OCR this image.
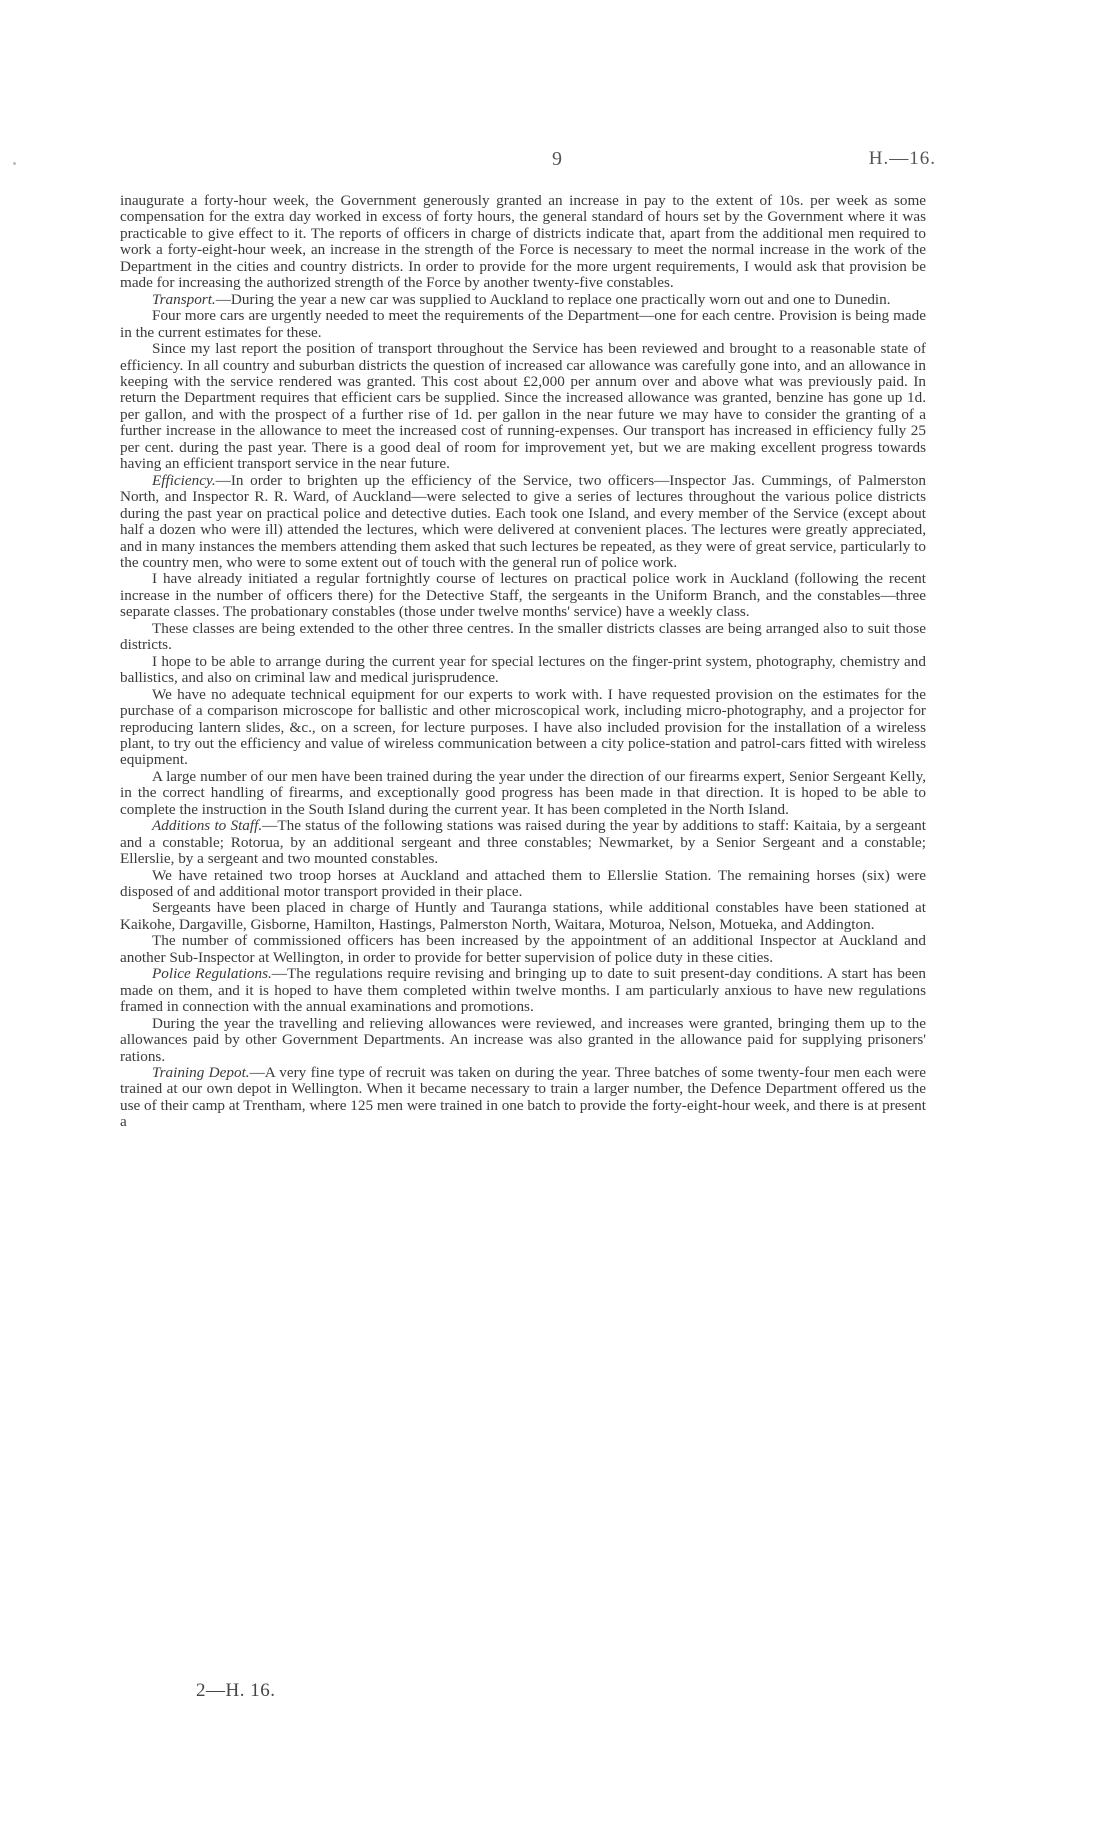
9	H.—16.

inaugurate a forty-hour week, the Government generously granted an increase in pay to the extent of 10s. per week as some compensation for the extra day worked in excess of forty hours, the general standard of hours set by the Government where it was practicable to give effect to it. The reports of officers in charge of districts indicate that, apart from the additional men required to work a forty-eight-hour week, an increase in the strength of the Force is necessary to meet the normal increase in the work of the Department in the cities and country districts. In order to provide for the more urgent requirements, I would ask that provision be made for increasing the authorized strength of the Force by another twenty-five constables.

Transport.—During the year a new car was supplied to Auckland to replace one practically worn out and one to Dunedin.

Four more cars are urgently needed to meet the requirements of the Department—one for each centre. Provision is being made in the current estimates for these.

Since my last report the position of transport throughout the Service has been reviewed and brought to a reasonable state of efficiency. In all country and suburban districts the question of increased car allowance was carefully gone into, and an allowance in keeping with the service rendered was granted. This cost about £2,000 per annum over and above what was previously paid. In return the Department requires that efficient cars be supplied. Since the increased allowance was granted, benzine has gone up 1d. per gallon, and with the prospect of a further rise of 1d. per gallon in the near future we may have to consider the granting of a further increase in the allowance to meet the increased cost of running-expenses. Our transport has increased in efficiency fully 25 per cent. during the past year. There is a good deal of room for improvement yet, but we are making excellent progress towards having an efficient transport service in the near future.

Efficiency.—In order to brighten up the efficiency of the Service, two officers—Inspector Jas. Cummings, of Palmerston North, and Inspector R. R. Ward, of Auckland—were selected to give a series of lectures throughout the various police districts during the past year on practical police and detective duties. Each took one Island, and every member of the Service (except about half a dozen who were ill) attended the lectures, which were delivered at convenient places. The lectures were greatly appreciated, and in many instances the members attending them asked that such lectures be repeated, as they were of great service, particularly to the country men, who were to some extent out of touch with the general run of police work.

I have already initiated a regular fortnightly course of lectures on practical police work in Auckland (following the recent increase in the number of officers there) for the Detective Staff, the sergeants in the Uniform Branch, and the constables—three separate classes. The probationary constables (those under twelve months' service) have a weekly class.

These classes are being extended to the other three centres. In the smaller districts classes are being arranged also to suit those districts.

I hope to be able to arrange during the current year for special lectures on the finger-print system, photography, chemistry and ballistics, and also on criminal law and medical jurisprudence.

We have no adequate technical equipment for our experts to work with. I have requested provision on the estimates for the purchase of a comparison microscope for ballistic and other microscopical work, including micro-photography, and a projector for reproducing lantern slides, &c., on a screen, for lecture purposes. I have also included provision for the installation of a wireless plant, to try out the efficiency and value of wireless communication between a city police-station and patrol-cars fitted with wireless equipment.

A large number of our men have been trained during the year under the direction of our firearms expert, Senior Sergeant Kelly, in the correct handling of firearms, and exceptionally good progress has been made in that direction. It is hoped to be able to complete the instruction in the South Island during the current year. It has been completed in the North Island.

Additions to Staff.—The status of the following stations was raised during the year by additions to staff: Kaitaia, by a sergeant and a constable; Rotorua, by an additional sergeant and three constables; Newmarket, by a Senior Sergeant and a constable; Ellerslie, by a sergeant and two mounted constables.

We have retained two troop horses at Auckland and attached them to Ellerslie Station. The remaining horses (six) were disposed of and additional motor transport provided in their place.

Sergeants have been placed in charge of Huntly and Tauranga stations, while additional constables have been stationed at Kaikohe, Dargaville, Gisborne, Hamilton, Hastings, Palmerston North, Waitara, Moturoa, Nelson, Motueka, and Addington.

The number of commissioned officers has been increased by the appointment of an additional Inspector at Auckland and another Sub-Inspector at Wellington, in order to provide for better supervision of police duty in these cities.

Police Regulations.—The regulations require revising and bringing up to date to suit present-day conditions. A start has been made on them, and it is hoped to have them completed within twelve months. I am particularly anxious to have new regulations framed in connection with the annual examinations and promotions.

During the year the travelling and relieving allowances were reviewed, and increases were granted, bringing them up to the allowances paid by other Government Departments. An increase was also granted in the allowance paid for supplying prisoners' rations.

Training Depot.—A very fine type of recruit was taken on during the year. Three batches of some twenty-four men each were trained at our own depot in Wellington. When it became necessary to train a larger number, the Defence Department offered us the use of their camp at Trentham, where 125 men were trained in one batch to provide the forty-eight-hour week, and there is at present a

2—H. 16.
